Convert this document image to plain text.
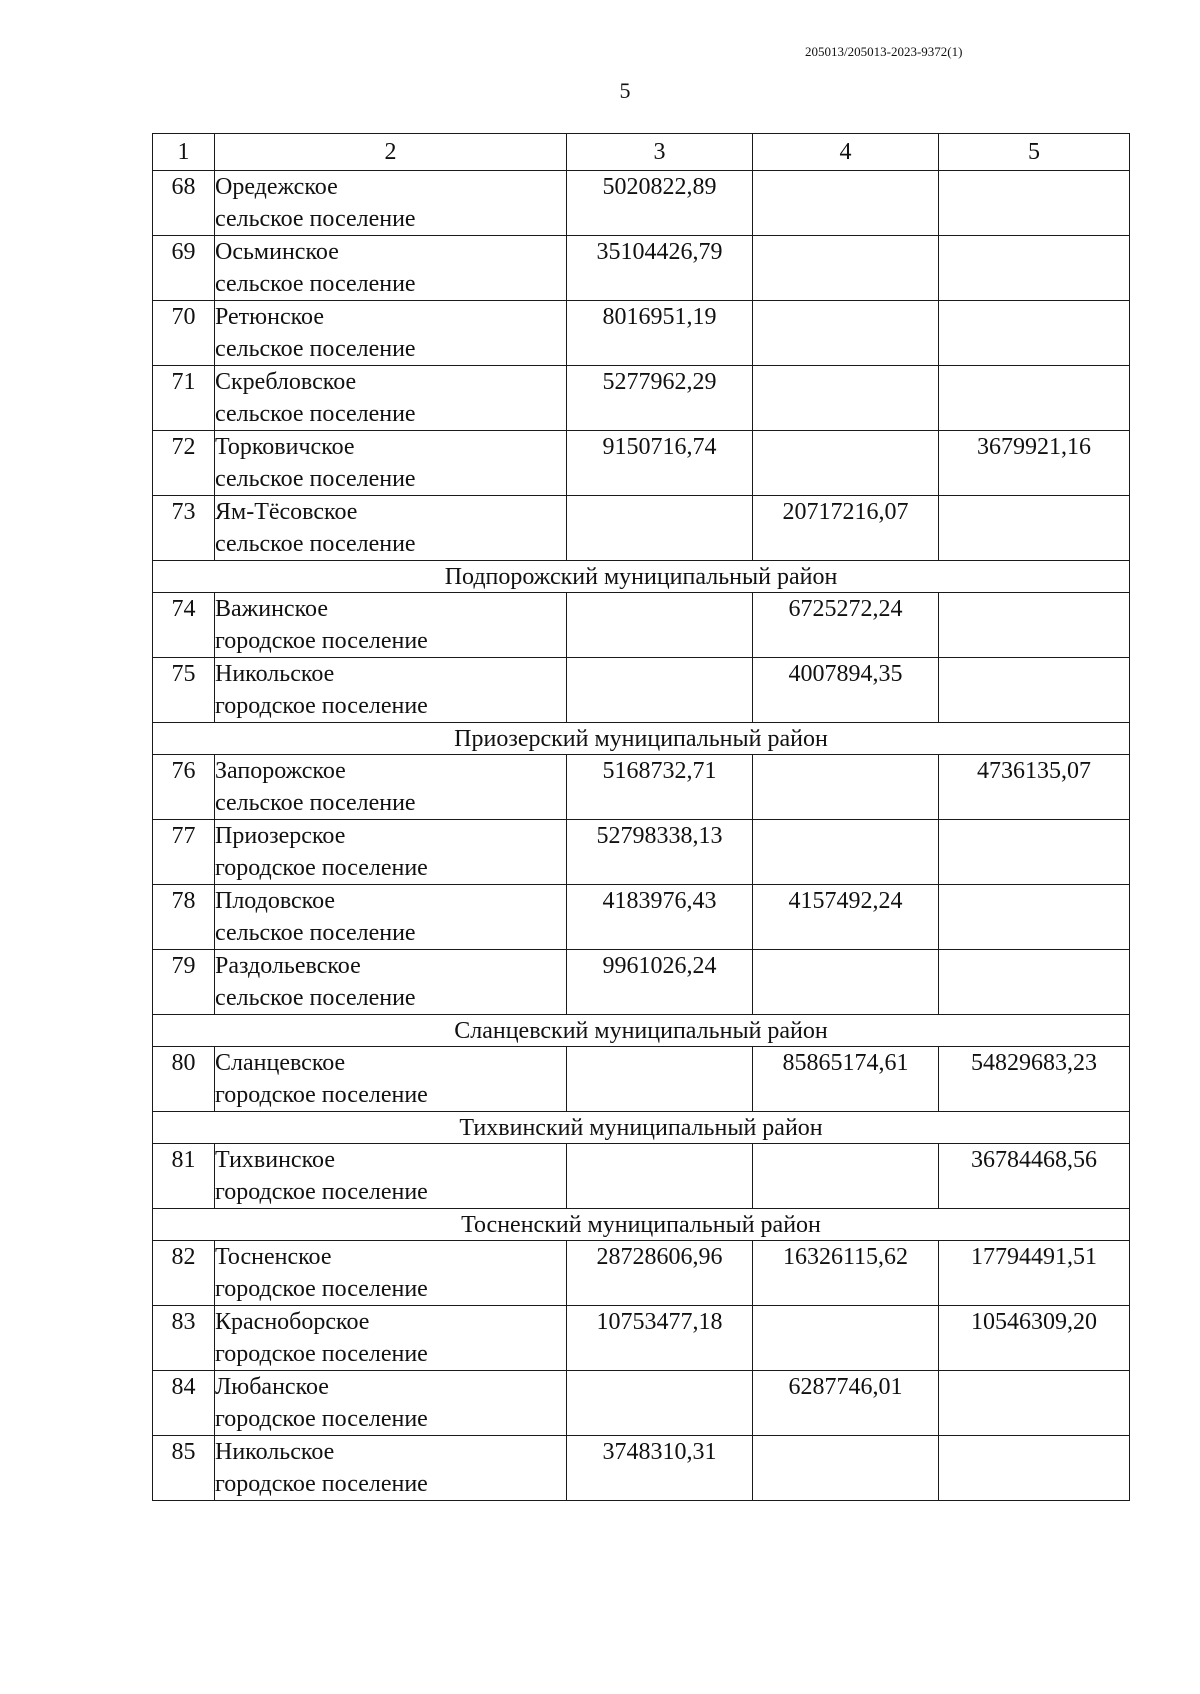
205013/205013-2023-9372(1)
5
1	2	3	4	5
68	Оредежское
сельское поселение	5020822,89		
69	Осьминское
сельское поселение	35104426,79		
70	Ретюнское
сельское поселение	8016951,19		
71	Скребловское
сельское поселение	5277962,29		
72	Торковичское
сельское поселение	9150716,74		3679921,16
73	Ям-Тёсовское
сельское поселение		20717216,07	
Подпорожский муниципальный район				
74	Важинское
городское поселение		6725272,24	
75	Никольское
городское поселение		4007894,35	
Приозерский муниципальный район				
76	Запорожское
сельское поселение	5168732,71		4736135,07
77	Приозерское
городское поселение	52798338,13		
78	Плодовское
сельское поселение	4183976,43	4157492,24	
79	Раздольевское
сельское поселение	9961026,24		
Сланцевский муниципальный район				
80	Сланцевское
городское поселение		85865174,61	54829683,23
Тихвинский муниципальный район				
81	Тихвинское
городское поселение			36784468,56
Тосненский муниципальный район				
82	Тосненское
городское поселение	28728606,96	16326115,62	17794491,51
83	Красноборское
городское поселение	10753477,18		10546309,20
84	Любанское
городское поселение		6287746,01	
85	Никольское
городское поселение	3748310,31		
